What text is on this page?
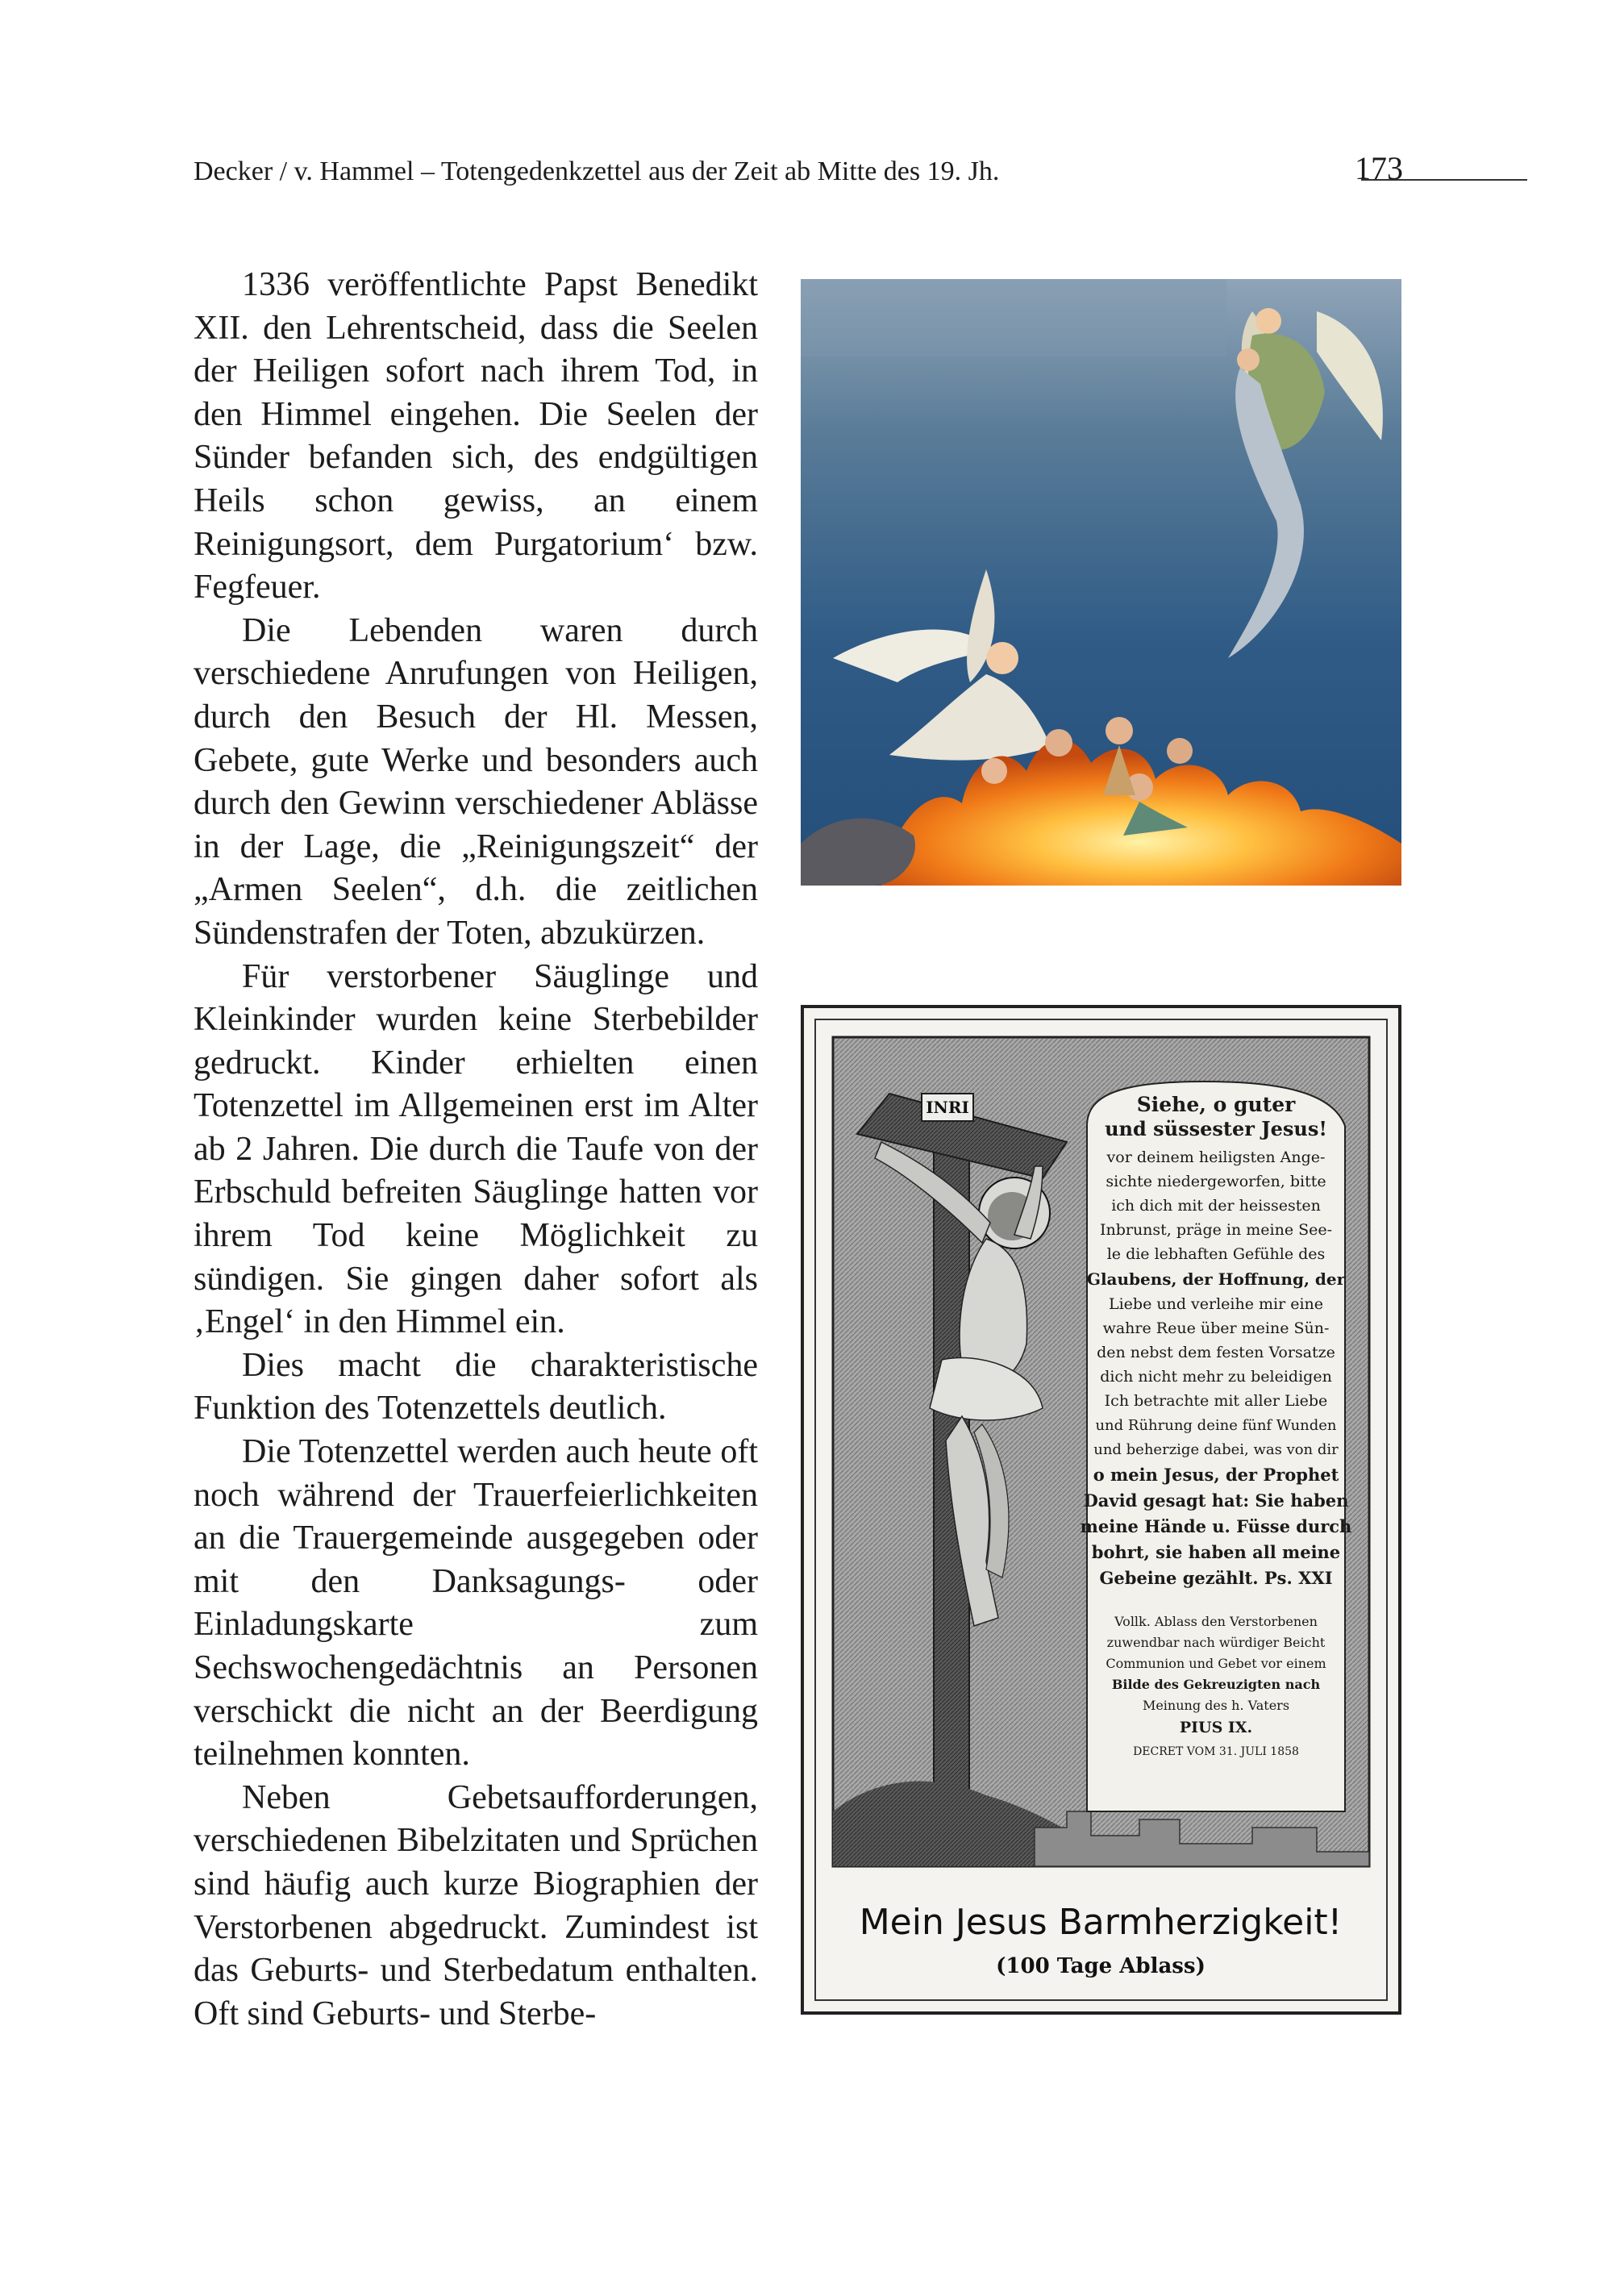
Decker / v. Hammel – Totengedenkzettel aus der Zeit ab Mitte des 19. Jh.	173

1336 veröffentlichte Papst Benedikt XII. den Lehrentscheid, dass die Seelen der Heiligen sofort nach ihrem Tod, in den Himmel eingehen. Die Seelen der Sünder befanden sich, des endgültigen Heils schon gewiss, an einem Reinigungsort, dem Purgatorium‘ bzw. Fegfeuer.

Die Lebenden waren durch verschiedene Anrufungen von Heiligen, durch den Besuch der Hl. Messen, Gebete, gute Werke und besonders auch durch den Gewinn verschiedener Ablässe in der Lage, die „Reinigungszeit“ der „Armen Seelen“, d.h. die zeitlichen Sündenstrafen der Toten, abzukürzen.

Für verstorbener Säuglinge und Kleinkinder wurden keine Sterbebilder gedruckt. Kinder erhielten einen Totenzettel im Allgemeinen erst im Alter ab 2 Jahren. Die durch die Taufe von der Erbschuld befreiten Säuglinge hatten vor ihrem Tod keine Möglichkeit zu sündigen. Sie gingen daher sofort als ‚Engel‘ in den Himmel ein.

Dies macht die charakteristische Funktion des Totenzettels deutlich.

Die Totenzettel werden auch heute oft noch während der Trauerfeierlichkeiten an die Trauergemeinde ausgegeben oder mit den Danksagungs- oder Einladungskarte zum Sechswochengedächtnis an Personen verschickt die nicht an der Beerdigung teilnehmen konnten.

Neben Gebetsaufforderungen, verschiedenen Bibelzitaten und Sprüchen sind häufig auch kurze Biographien der Verstorbenen abgedruckt. Zumindest ist das Geburts- und Sterbedatum enthalten. Oft sind Geburts- und Sterbe-

INRI	Siehe, o guter
und süssester Jesus!
vor deinem heiligsten Ange-
sichte niedergeworfen, bitte
ich dich mit der heissesten
Inbrunst, präge in meine See-
le die lebhaften Gefühle des
Glaubens, der Hoffnung, der
Liebe und verleihe mir eine
wahre Reue über meine Sün-
den nebst dem festen Vorsatze
dich nicht mehr zu beleidigen
Ich betrachte mit aller Liebe
und Rührung deine fünf Wunden
und beherzige dabei, was von dir
o mein Jesus, der Prophet
David gesagt hat: Sie haben
meine Hände u. Füsse durch
bohrt, sie haben all meine
Gebeine gezählt. Ps. XXI
Vollk. Ablass den Verstorbenen
zuwendbar nach würdiger Beicht
Communion und Gebet vor einem
Bilde des Gekreuzigten nach
Meinung des h. Vaters
PIUS IX.
DECRET VOM 31. JULI 1858
Mein Jesus Barmherzigkeit!
(100 Tage Ablass)
